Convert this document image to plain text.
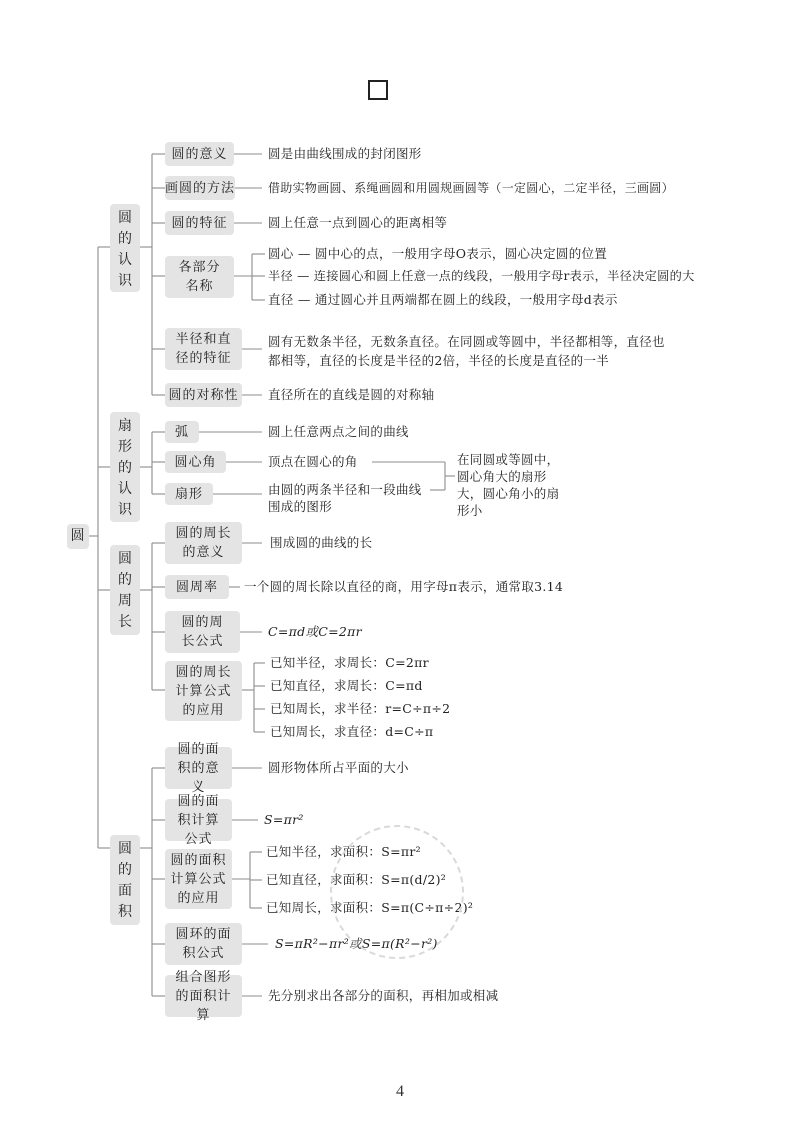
圆
圆
的
认
识
扇
形
的
认
识
圆
的
周
长
圆
的
面
积
圆的意义	圆是由曲线围成的封闭图形
画圆的方法	借助实物画圆、系绳画圆和用圆规画圆等（一定圆心，二定半径，三画圆）
圆的特征	圆上任意一点到圆心的距离相等
各部分名称
圆心 — 圆中心的点，一般用字母O表示，圆心决定圆的位置
半径 — 连接圆心和圆上任意一点的线段，一般用字母r表示，半径决定圆的大
直径 — 通过圆心并且两端都在圆上的线段，一般用字母d表示
半径和直径的特征
圆有无数条半径，无数条直径。在同圆或等圆中，半径都相等，直径也都相等，直径的长度是半径的2倍，半径的长度是直径的一半
圆的对称性 直径所在的直线是圆的对称轴
弧	圆上任意两点之间的曲线
圆心角	顶点在圆心的角
扇形	由圆的两条半径和一段曲线围成的图形
在同圆或等圆中，圆心角大的扇形大，圆心角小的扇形小
圆的周长的意义
围成圆的曲线的长
圆周率	一个圆的周长除以直径的商，用字母π表示，通常取3.14
圆的周长公式
C=πd或C=2πr
圆的周长计算公式的应用
已知半径，求周长：C=2πr
已知直径，求周长：C=πd
已知周长，求半径：r=C÷π÷2
已知周长，求直径：d=C÷π
圆的面积的意义
圆形物体所占平面的大小
圆的面积计算公式
S=πr²
圆的面积计算公式的应用
已知半径，求面积：S=πr²
已知直径，求面积：S=π(d/2)²
已知周长，求面积：S=π(C÷π÷2)²
圆环的面积公式
S=πR²−πr²或S=π(R²−r²)
组合图形的面积计算
先分别求出各部分的面积，再相加或相减
4
